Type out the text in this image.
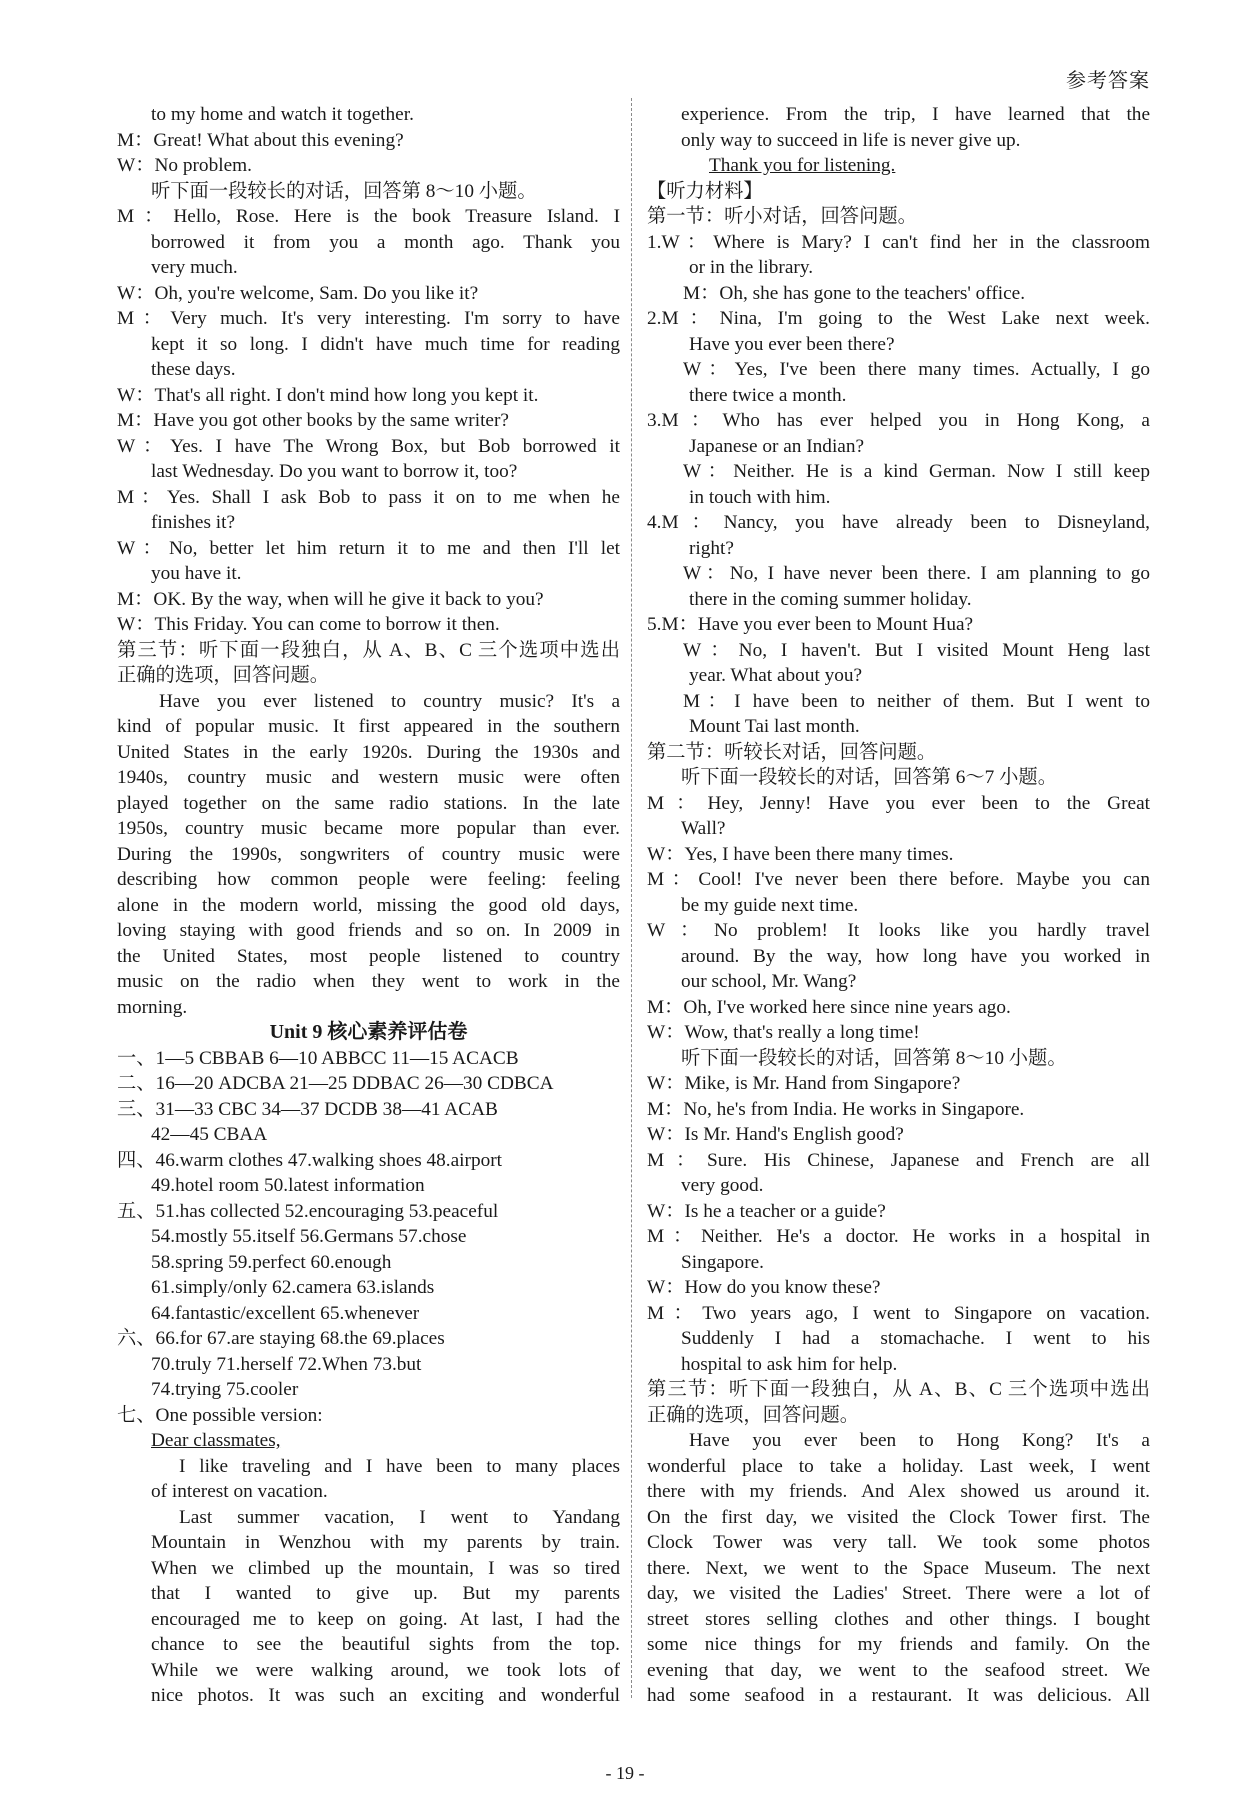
参考答案
to my home and watch it together.
M：Great! What about this evening?
W：No problem.
听下面一段较长的对话，回答第 8～10 小题。
M：Hello, Rose. Here is the book Treasure Island. I
borrowed it from you a month ago. Thank you
very much.
W：Oh, you're welcome, Sam. Do you like it?
M：Very much. It's very interesting. I'm sorry to have
kept it so long. I didn't have much time for reading
these days.
W：That's all right. I don't mind how long you kept it.
M：Have you got other books by the same writer?
W：Yes. I have The Wrong Box, but Bob borrowed it
last Wednesday. Do you want to borrow it, too?
M：Yes. Shall I ask Bob to pass it on to me when he
finishes it?
W：No, better let him return it to me and then I'll let
you have it.
M：OK. By the way, when will he give it back to you?
W：This Friday. You can come to borrow it then.
第三节：听下面一段独白，从 A、B、C 三个选项中选出
正确的选项，回答问题。
Have you ever listened to country music? It's a
kind of popular music. It first appeared in the southern
United States in the early 1920s. During the 1930s and
1940s, country music and western music were often
played together on the same radio stations. In the late
1950s, country music became more popular than ever.
During the 1990s, songwriters of country music were
describing how common people were feeling: feeling
alone in the modern world, missing the good old days,
loving staying with good friends and so on. In 2009 in
the United States, most people listened to country
music on the radio when they went to work in the
morning.
Unit 9 核心素养评估卷
一、1—5 CBBAB 6—10 ABBCC 11—15 ACACB
二、16—20 ADCBA 21—25 DDBAC 26—30 CDBCA
三、31—33 CBC 34—37 DCDB 38—41 ACAB
42—45 CBAA
四、46.warm clothes 47.walking shoes 48.airport
49.hotel room 50.latest information
五、51.has collected 52.encouraging 53.peaceful
54.mostly 55.itself 56.Germans 57.chose
58.spring 59.perfect 60.enough
61.simply/only 62.camera 63.islands
64.fantastic/excellent 65.whenever
六、66.for 67.are staying 68.the 69.places
70.truly 71.herself 72.When 73.but
74.trying 75.cooler
七、One possible version:
Dear classmates,
I like traveling and I have been to many places
of interest on vacation.
Last summer vacation, I went to Yandang
Mountain in Wenzhou with my parents by train.
When we climbed up the mountain, I was so tired
that I wanted to give up. But my parents
encouraged me to keep on going. At last, I had the
chance to see the beautiful sights from the top.
While we were walking around, we took lots of
nice photos. It was such an exciting and wonderful
experience. From the trip, I have learned that the
only way to succeed in life is never give up.
Thank you for listening.
【听力材料】
第一节：听小对话，回答问题。
1.W：Where is Mary? I can't find her in the classroom
or in the library.
M：Oh, she has gone to the teachers' office.
2.M：Nina, I'm going to the West Lake next week.
Have you ever been there?
W：Yes, I've been there many times. Actually, I go
there twice a month.
3.M：Who has ever helped you in Hong Kong, a
Japanese or an Indian?
W：Neither. He is a kind German. Now I still keep
in touch with him.
4.M：Nancy, you have already been to Disneyland,
right?
W：No, I have never been there. I am planning to go
there in the coming summer holiday.
5.M：Have you ever been to Mount Hua?
W：No, I haven't. But I visited Mount Heng last
year. What about you?
M：I have been to neither of them. But I went to
Mount Tai last month.
第二节：听较长对话，回答问题。
听下面一段较长的对话，回答第 6～7 小题。
M：Hey, Jenny! Have you ever been to the Great
Wall?
W：Yes, I have been there many times.
M：Cool! I've never been there before. Maybe you can
be my guide next time.
W：No problem! It looks like you hardly travel
around. By the way, how long have you worked in
our school, Mr. Wang?
M：Oh, I've worked here since nine years ago.
W：Wow, that's really a long time!
听下面一段较长的对话，回答第 8～10 小题。
W：Mike, is Mr. Hand from Singapore?
M：No, he's from India. He works in Singapore.
W：Is Mr. Hand's English good?
M：Sure. His Chinese, Japanese and French are all
very good.
W：Is he a teacher or a guide?
M：Neither. He's a doctor. He works in a hospital in
Singapore.
W：How do you know these?
M：Two years ago, I went to Singapore on vacation.
Suddenly I had a stomachache. I went to his
hospital to ask him for help.
第三节：听下面一段独白，从 A、B、C 三个选项中选出
正确的选项，回答问题。
Have you ever been to Hong Kong? It's a
wonderful place to take a holiday. Last week, I went
there with my friends. And Alex showed us around it.
On the first day, we visited the Clock Tower first. The
Clock Tower was very tall. We took some photos
there. Next, we went to the Space Museum. The next
day, we visited the Ladies' Street. There were a lot of
street stores selling clothes and other things. I bought
some nice things for my friends and family. On the
evening that day, we went to the seafood street. We
had some seafood in a restaurant. It was delicious. All
- 19 -
